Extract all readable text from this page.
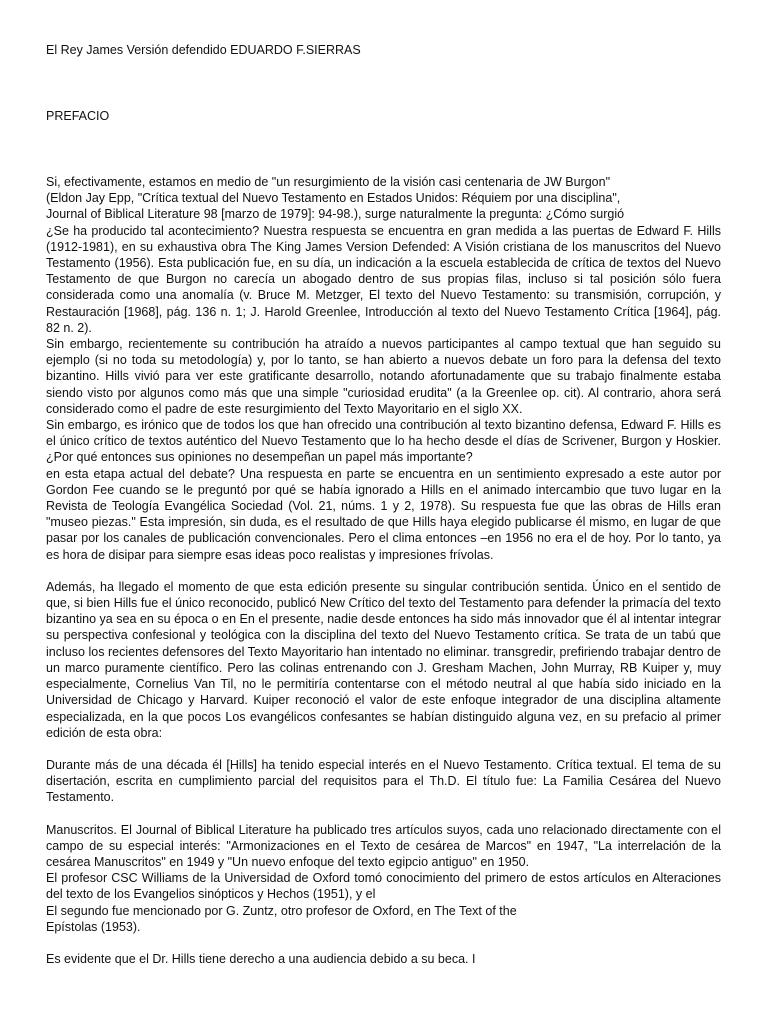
El Rey James Versión defendido EDUARDO F.SIERRAS
PREFACIO

Si, efectivamente, estamos en medio de "un resurgimiento de la visión casi centenaria de JW Burgon"

(Eldon Jay Epp, "Crítica textual del Nuevo Testamento en Estados Unidos: Réquiem por una disciplina",

Journal of Biblical Literature 98 [marzo de 1979]: 94-98.), surge naturalmente la pregunta: ¿Cómo surgió

¿Se ha producido tal acontecimiento? Nuestra respuesta se encuentra en gran medida a las puertas de Edward F. Hills (1912-1981), en su exhaustiva obra The King James Version Defended: A Visión cristiana de los manuscritos del Nuevo Testamento (1956). Esta publicación fue, en su día, un indicación a la escuela establecida de crítica de textos del Nuevo Testamento de que Burgon no carecía un abogado dentro de sus propias filas, incluso si tal posición sólo fuera considerada como una anomalía (v. Bruce M. Metzger, El texto del Nuevo Testamento: su transmisión, corrupción, y Restauración [1968], pág. 136 n. 1; J. Harold Greenlee, Introducción al texto del Nuevo Testamento Crítica [1964], pág. 82 n. 2).

Sin embargo, recientemente su contribución ha atraído a nuevos participantes al campo textual que han seguido su ejemplo (si no toda su metodología) y, por lo tanto, se han abierto a nuevos debate un foro para la defensa del texto bizantino. Hills vivió para ver este gratificante desarrollo, notando afortunadamente que su trabajo finalmente estaba siendo visto por algunos como más que una simple "curiosidad erudita" (a la Greenlee op. cit). Al contrario, ahora será considerado como el padre de este resurgimiento del Texto Mayoritario en el siglo XX.

Sin embargo, es irónico que de todos los que han ofrecido una contribución al texto bizantino defensa, Edward F. Hills es el único crítico de textos auténtico del Nuevo Testamento que lo ha hecho desde el días de Scrivener, Burgon y Hoskier. ¿Por qué entonces sus opiniones no desempeñan un papel más importante?

en esta etapa actual del debate? Una respuesta en parte se encuentra en un sentimiento expresado a este autor por Gordon Fee cuando se le preguntó por qué se había ignorado a Hills en el animado intercambio que tuvo lugar en la Revista de Teología Evangélica Sociedad (Vol. 21, núms. 1 y 2, 1978). Su respuesta fue que las obras de Hills eran "museo piezas." Esta impresión, sin duda, es el resultado de que Hills haya elegido publicarse él mismo, en lugar de que pasar por los canales de publicación convencionales. Pero el clima entonces –en 1956 no era el de hoy. Por lo tanto, ya es hora de disipar para siempre esas ideas poco realistas y impresiones frívolas.

Además, ha llegado el momento de que esta edición presente su singular contribución sentida. Único en el sentido de que, si bien Hills fue el único reconocido, publicó New Crítico del texto del Testamento para defender la primacía del texto bizantino ya sea en su época o en En el presente, nadie desde entonces ha sido más innovador que él al intentar integrar su perspectiva confesional y teológica con la disciplina del texto del Nuevo Testamento crítica. Se trata de un tabú que incluso los recientes defensores del Texto Mayoritario han intentado no eliminar. transgredir, prefiriendo trabajar dentro de un marco puramente científico. Pero las colinas entrenando con J. Gresham Machen, John Murray, RB Kuiper y, muy especialmente, Cornelius Van Til, no le permitiría contentarse con el método neutral al que había sido iniciado en la Universidad de Chicago y Harvard. Kuiper reconoció el valor de este enfoque integrador de una disciplina altamente especializada, en la que pocos Los evangélicos confesantes se habían distinguido alguna vez, en su prefacio al primer edición de esta obra:

Durante más de una década él [Hills] ha tenido especial interés en el Nuevo Testamento. Crítica textual. El tema de su disertación, escrita en cumplimiento parcial del requisitos para el Th.D. El título fue: La Familia Cesárea del Nuevo Testamento.

Manuscritos. El Journal of Biblical Literature ha publicado tres artículos suyos, cada uno relacionado directamente con el campo de su especial interés: "Armonizaciones en el Texto de cesárea de Marcos" en 1947, "La interrelación de la cesárea Manuscritos" en 1949 y "Un nuevo enfoque del texto egipcio antiguo" en 1950.

El profesor CSC Williams de la Universidad de Oxford tomó conocimiento del primero de estos artículos en Alteraciones del texto de los Evangelios sinópticos y Hechos (1951), y el

El segundo fue mencionado por G. Zuntz, otro profesor de Oxford, en The Text of the

Epístolas (1953).

Es evidente que el Dr. Hills tiene derecho a una audiencia debido a su beca. I
